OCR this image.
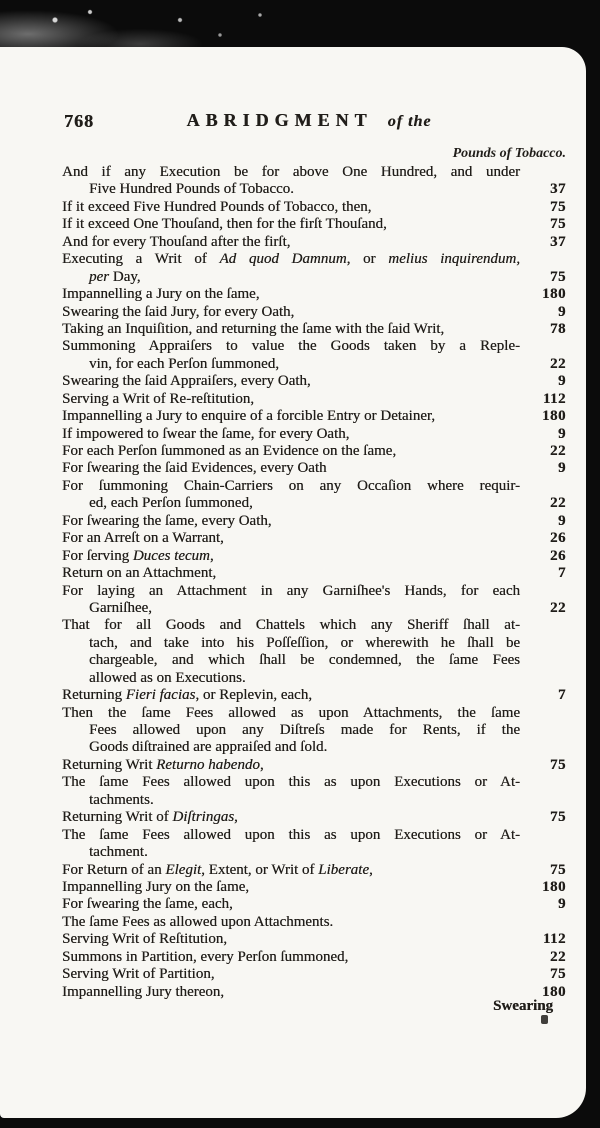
768	ABRIDGMENT of the
Pounds of Tobacco.
And if any Execution be for above One Hundred, and under
Five Hundred Pounds of Tobacco.	37
If it exceed Five Hundred Pounds of Tobacco, then,	75
If it exceed One Thouſand, then for the firſt Thouſand,	75
And for every Thouſand after the firſt,	37
Executing a Writ of Ad quod Damnum, or melius inquirendum,
per Day,	75
Impannelling a Jury on the ſame,	180
Swearing the ſaid Jury, for every Oath,	9
Taking an Inquiſition, and returning the ſame with the ſaid Writ,	78
Summoning Appraiſers to value the Goods taken by a Reple-
vin, for each Perſon ſummoned,	22
Swearing the ſaid Appraiſers, every Oath,	9
Serving a Writ of Re-reſtitution,	112
Impannelling a Jury to enquire of a forcible Entry or Detainer,	180
If impowered to ſwear the ſame, for every Oath,	9
For each Perſon ſummoned as an Evidence on the ſame,	22
For ſwearing the ſaid Evidences, every Oath	9
For ſummoning Chain-Carriers on any Occaſion where requir-
ed, each Perſon ſummoned,	22
For ſwearing the ſame, every Oath,	9
For an Arreſt on a Warrant,	26
For ſerving Duces tecum,	26
Return on an Attachment,	7
For laying an Attachment in any Garniſhee's Hands, for each
Garniſhee,	22
That for all Goods and Chattels which any Sheriff ſhall at-
tach, and take into his Poſſeſſion, or wherewith he ſhall be
chargeable, and which ſhall be condemned, the ſame Fees
allowed as on Executions.
Returning Fieri facias, or Replevin, each,	7
Then the ſame Fees allowed as upon Attachments, the ſame
Fees allowed upon any Diſtreſs made for Rents, if the
Goods diſtrained are appraiſed and ſold.
Returning Writ Returno habendo,	75
The ſame Fees allowed upon this as upon Executions or At-
tachments.
Returning Writ of Diſtringas,	75
The ſame Fees allowed upon this as upon Executions or At-
tachment.
For Return of an Elegit, Extent, or Writ of Liberate,	75
Impannelling Jury on the ſame,	180
For ſwearing the ſame, each,	9
The ſame Fees as allowed upon Attachments.
Serving Writ of Reſtitution,	112
Summons in Partition, every Perſon ſummoned,	22
Serving Writ of Partition,	75
Impannelling Jury thereon,	180
Swearing
